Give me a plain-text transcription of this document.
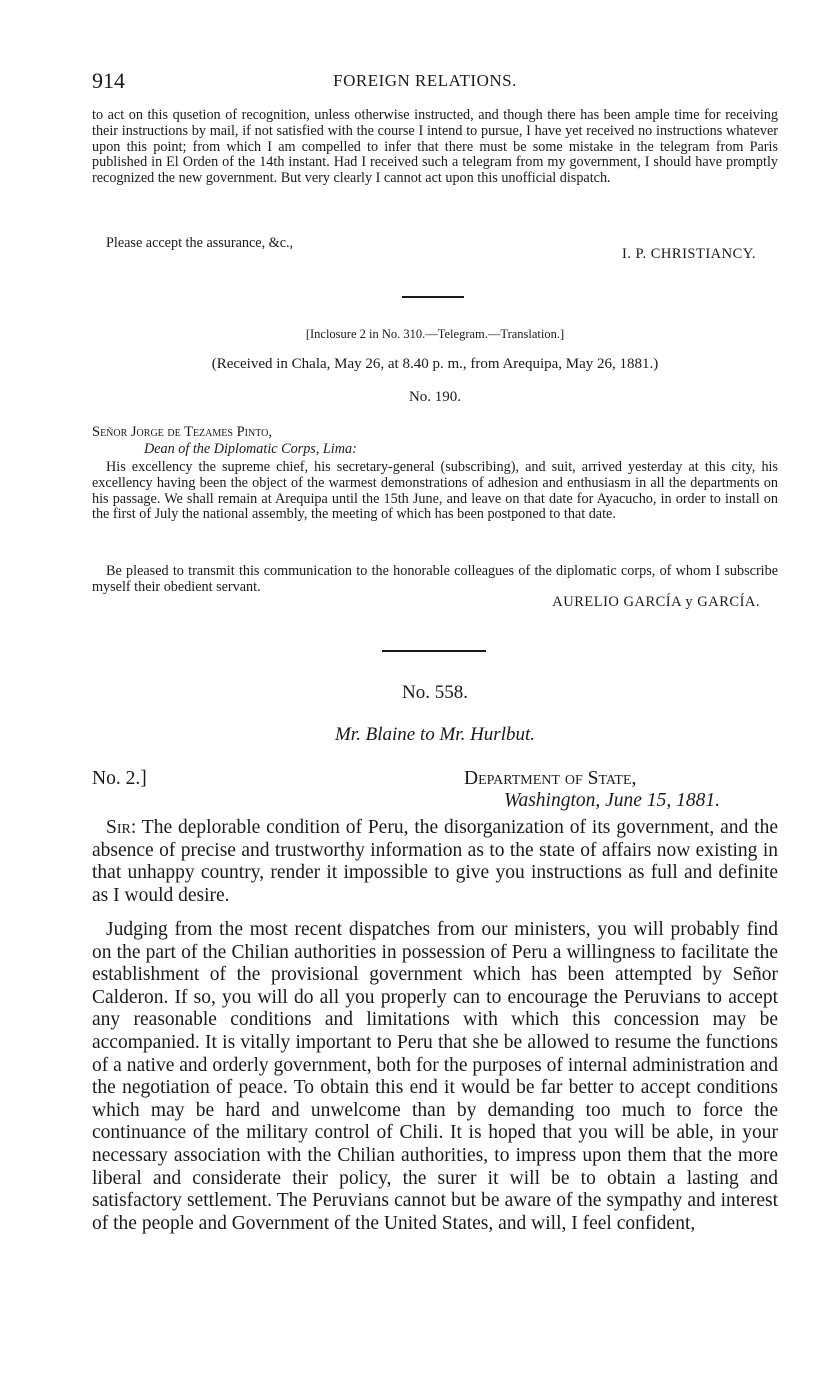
914	FOREIGN RELATIONS.

to act on this qusetion of recognition, unless otherwise instructed, and though there has been ample time for receiving their instructions by mail, if not satisfied with the course I intend to pursue, I have yet received no instructions whatever upon this point; from which I am compelled to infer that there must be some mistake in the telegram from Paris published in El Orden of the 14th instant. Had I received such a telegram from my government, I should have promptly recognized the new government. But very clearly I cannot act upon this unofficial dispatch.

Please accept the assurance, &c.,

I. P. CHRISTIANCY.
[Inclosure 2 in No. 310.—Telegram.—Translation.]
(Received in Chala, May 26, at 8.40 p. m., from Arequipa, May 26, 1881.)
No. 190.
Señor Jorge de Tezames Pinto,
Dean of the Diplomatic Corps, Lima:

His excellency the supreme chief, his secretary-general (subscribing), and suit, arrived yesterday at this city, his excellency having been the object of the warmest demonstrations of adhesion and enthusiasm in all the departments on his passage. We shall remain at Arequipa until the 15th June, and leave on that date for Ayacucho, in order to install on the first of July the national assembly, the meeting of which has been postponed to that date.

Be pleased to transmit this communication to the honorable colleagues of the diplomatic corps, of whom I subscribe myself their obedient servant.

AURELIO GARCÍA y GARCÍA.
No. 558.
Mr. Blaine to Mr. Hurlbut.
No. 2.]	Department of State,
Washington, June 15, 1881.

Sir: The deplorable condition of Peru, the disorganization of its government, and the absence of precise and trustworthy information as to the state of affairs now existing in that unhappy country, render it impossible to give you instructions as full and definite as I would desire.

Judging from the most recent dispatches from our ministers, you will probably find on the part of the Chilian authorities in possession of Peru a willingness to facilitate the establishment of the provisional government which has been attempted by Señor Calderon. If so, you will do all you properly can to encourage the Peruvians to accept any reasonable conditions and limitations with which this concession may be accompanied. It is vitally important to Peru that she be allowed to resume the functions of a native and orderly government, both for the purposes of internal administration and the negotiation of peace. To obtain this end it would be far better to accept conditions which may be hard and unwelcome than by demanding too much to force the continuance of the military control of Chili. It is hoped that you will be able, in your necessary association with the Chilian authorities, to impress upon them that the more liberal and considerate their policy, the surer it will be to obtain a lasting and satisfactory settlement. The Peruvians cannot but be aware of the sympathy and interest of the people and Government of the United States, and will, I feel confident,
